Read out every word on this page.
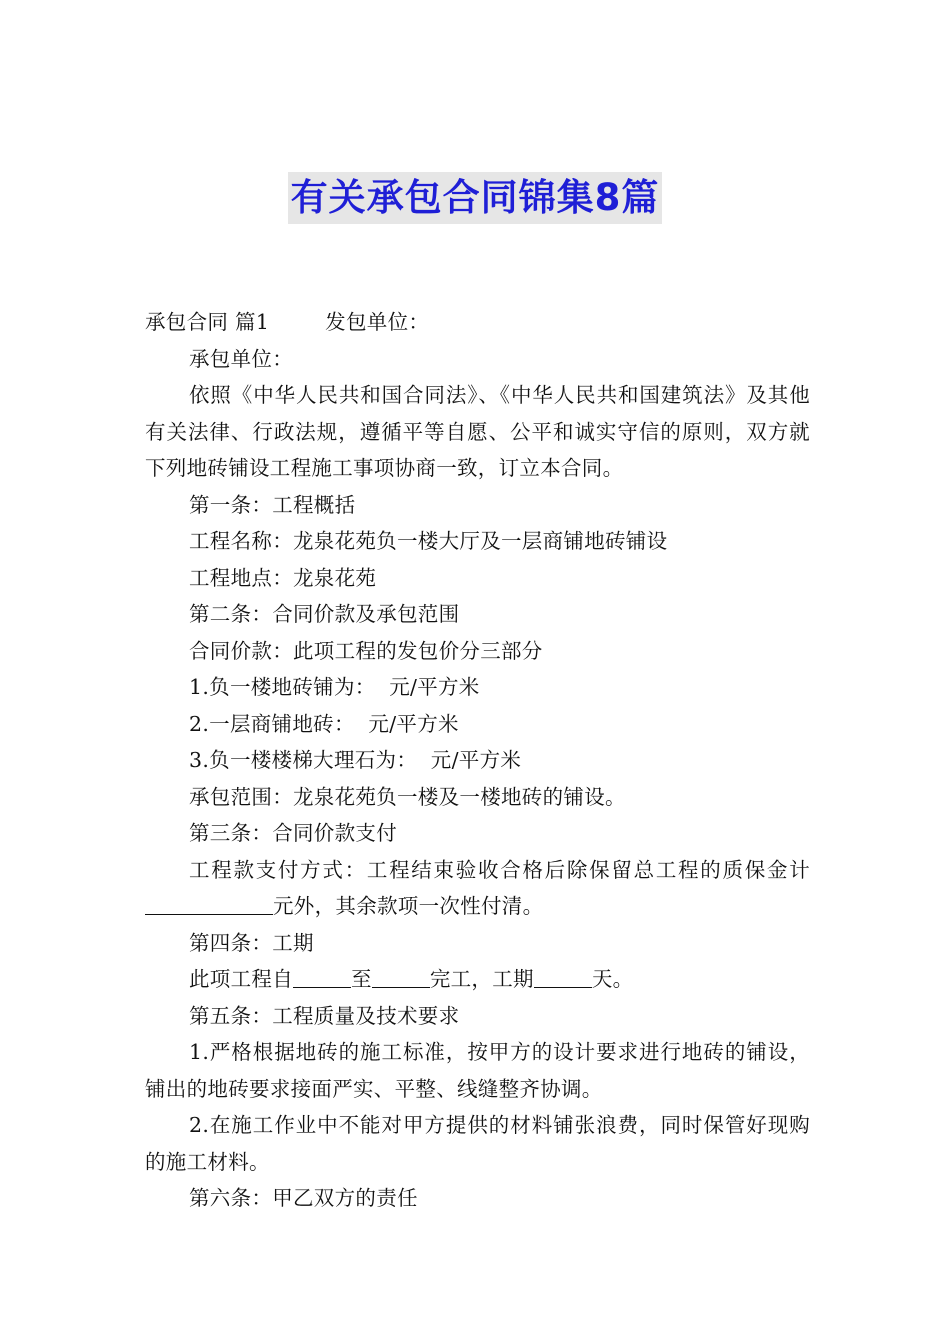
有关承包合同锦集8篇

承包合同 篇1	发包单位：

承包单位：

依照《中华人民共和国合同法》、《中华人民共和国建筑法》及其他有关法律、行政法规，遵循平等自愿、公平和诚实守信的原则，双方就下列地砖铺设工程施工事项协商一致，订立本合同。

第一条：工程概括

工程名称：龙泉花苑负一楼大厅及一层商铺地砖铺设

工程地点：龙泉花苑

第二条：合同价款及承包范围

合同价款：此项工程的发包价分三部分

1.负一楼地砖铺为：  元/平方米

2.一层商铺地砖：  元/平方米

3.负一楼楼梯大理石为：  元/平方米

承包范围：龙泉花苑负一楼及一楼地砖的铺设。

第三条：合同价款支付

工程款支付方式：工程结束验收合格后除保留总工程的质保金计元外，其余款项一次性付清。

第四条：工期

此项工程自	至	完工，工期	天。

第五条：工程质量及技术要求

1.严格根据地砖的施工标准，按甲方的设计要求进行地砖的铺设，铺出的地砖要求接面严实、平整、线缝整齐协调。

2.在施工作业中不能对甲方提供的材料铺张浪费，同时保管好现购的施工材料。

第六条：甲乙双方的责任
